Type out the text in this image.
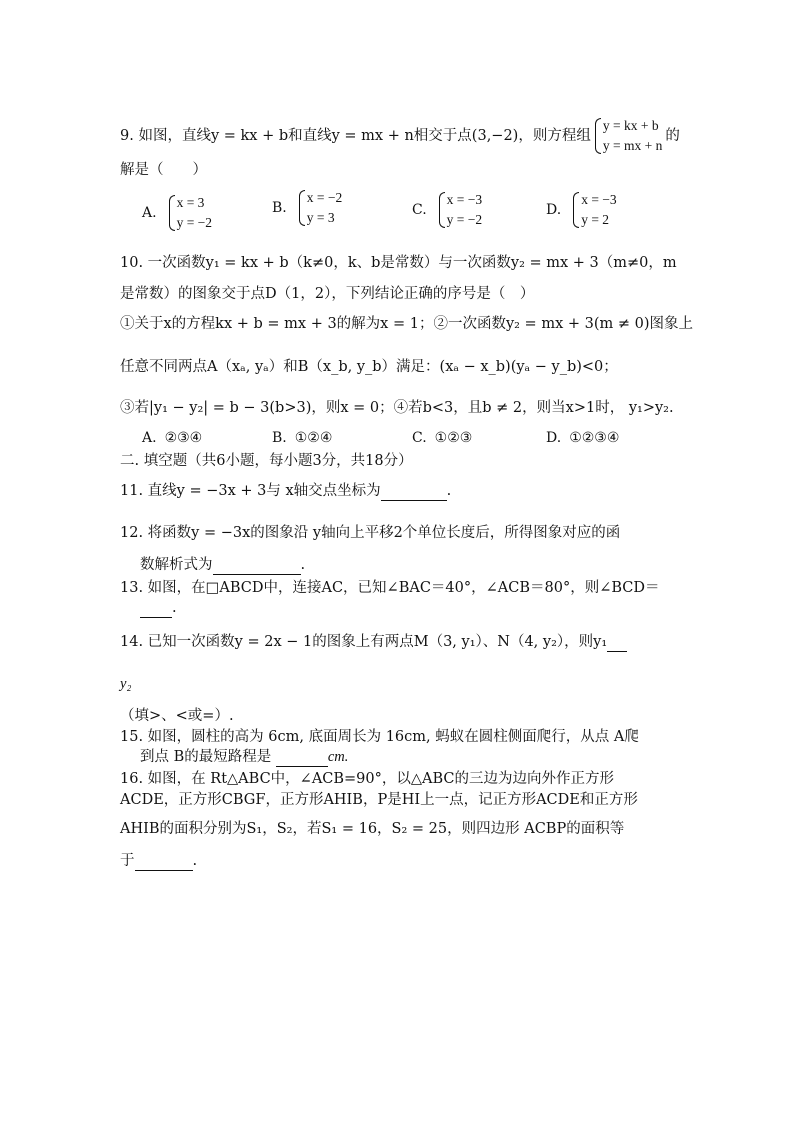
9. 如图，直线y = kx + b和直线y = mx + n相交于点(3,−2)，则方程组
y = kx + b
y = mx + n
的
解是（　　）
A.
x = 3
y = −2
B.
x = −2
y = 3	C.
x = −3
y = −2
D.
x = −3
y = 2
10. 一次函数y₁ = kx + b（k≠0，k、b是常数）与一次函数y₂ = mx + 3（m≠0，m
是常数）的图象交于点D（1，2），下列结论正确的序号是（　）
①关于x的方程kx + b = mx + 3的解为x = 1；②一次函数y₂ = mx + 3(m ≠ 0)图象上
任意不同两点A（xₐ, yₐ）和B（x_b, y_b）满足：(xₐ − x_b)(yₐ − y_b)<0；
③若|y₁ − y₂| = b − 3(b>3)，则x = 0；④若b<3，且b ≠ 2，则当x>1时， y₁>y₂.
A. ②③④	B. ①②④	C. ①②③	D. ①②③④
二. 填空题（共6小题，每小题3分，共18分）
11. 直线y = −3x + 3与 x轴交点坐标为	.
12. 将函数y = −3x的图象沿 y轴向上平移2个单位长度后，所得图象对应的函
数解析式为	.
13. 如图，在□ABCD中，连接AC，已知∠BAC＝40°，∠ACB＝80°，则∠BCD＝
.
14. 已知一次函数y = 2x − 1的图象上有两点M（3, y₁）、N（4, y₂），则y₁
y₂
（填>、<或=）.
15. 如图，圆柱的高为 6cm, 底面周长为 16cm, 蚂蚁在圆柱侧面爬行，从点 A爬
到点 B的最短路程是	cm.
16. 如图，在 Rt△ABC中，∠ACB=90°，以△ABC的三边为边向外作正方形
ACDE，正方形CBGF，正方形AHIB，P是HI上一点，记正方形ACDE和正方形
AHIB的面积分别为S₁，S₂，若S₁ = 16，S₂ = 25，则四边形 ACBP的面积等
于	.
